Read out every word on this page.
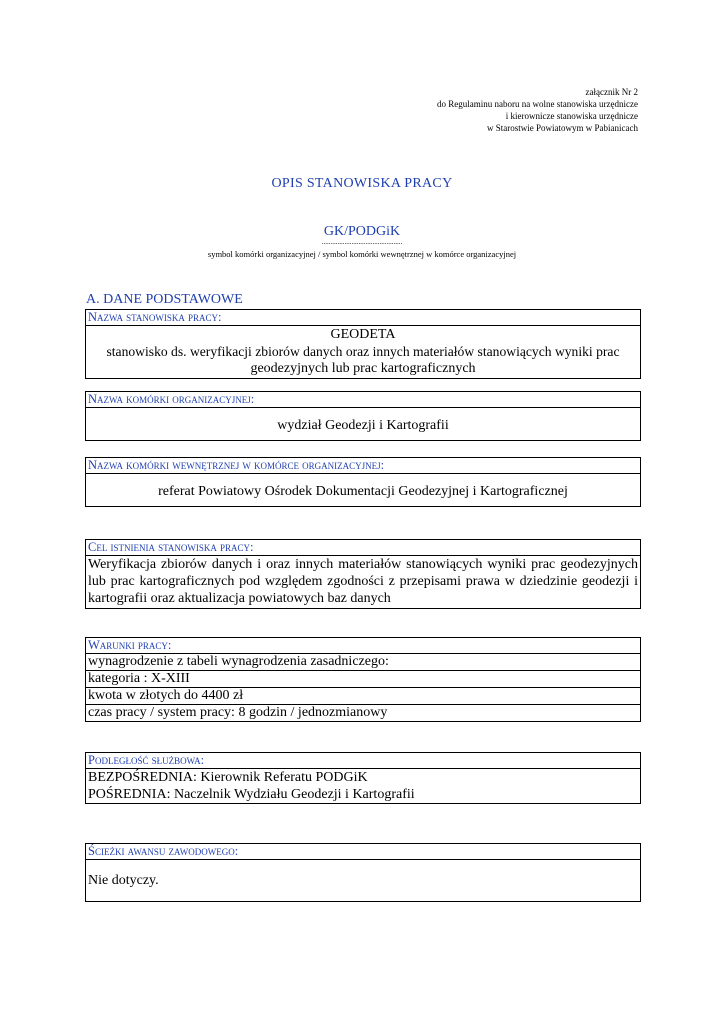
załącznik Nr 2
do Regulaminu naboru na wolne stanowiska urzędnicze
i kierownicze stanowiska urzędnicze
w Starostwie Powiatowym w Pabianicach
OPIS STANOWISKA PRACY
GK/PODGiK
..............................................
symbol komórki organizacyjnej / symbol komórki wewnętrznej w komórce organizacyjnej
A. DANE PODSTAWOWE
Nazwa stanowiska pracy:
GEODETA
stanowisko ds. weryfikacji zbiorów danych oraz innych materiałów stanowiących wyniki prac
geodezyjnych lub prac kartograficznych
Nazwa komórki organizacyjnej:
wydział Geodezji i Kartografii
Nazwa komórki wewnętrznej w komórce organizacyjnej:
referat Powiatowy Ośrodek Dokumentacji Geodezyjnej i Kartograficznej
Cel istnienia stanowiska pracy:
Weryfikacja zbiorów danych i oraz innych materiałów stanowiących wyniki prac geodezyjnych lub prac kartograficznych pod względem zgodności z przepisami prawa w dziedzinie geodezji i kartografii oraz aktualizacja powiatowych baz danych
Warunki pracy:
wynagrodzenie z tabeli wynagrodzenia zasadniczego:
kategoria : X-XIII
kwota w złotych do 4400 zł
czas pracy / system pracy: 8 godzin / jednozmianowy
Podległość służbowa:
BEZPOŚREDNIA: Kierownik Referatu PODGiK
POŚREDNIA: Naczelnik Wydziału Geodezji i Kartografii
Ścieżki awansu zawodowego:
Nie dotyczy.
